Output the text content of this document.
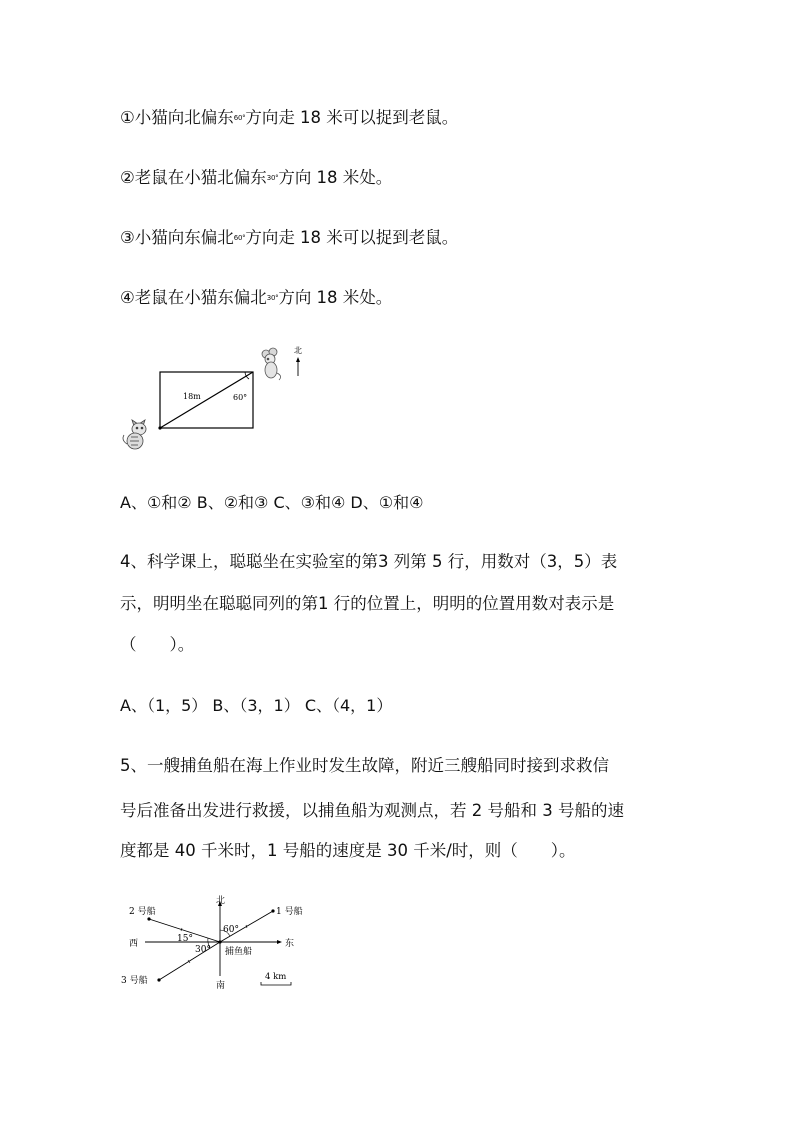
①小猫向北偏东$^{60^\circ}$方向走 18 米可以捉到老鼠。
②老鼠在小猫北偏东$^{30^\circ}$方向 18 米处。
③小猫向东偏北$^{60^\circ}$方向走 18 米可以捉到老鼠。
④老鼠在小猫东偏北$^{30^\circ}$方向 18 米处。
18m	60°
北
A、①和② B、②和③ C、③和④ D、①和④
4、科学课上，聪聪坐在实验室的第3 列第 5 行，用数对（3，5）表
示，明明坐在聪聪同列的第1 行的位置上，明明的位置用数对表示是
（　　）。
A、（1，5） B、（3，1） C、（4，1）
5、一艘捕鱼船在海上作业时发生故障，附近三艘船同时接到求救信
号后准备出发进行救援，以捕鱼船为观测点，若 2 号船和 3 号船的速
度都是 40 千米时，1 号船的速度是 30 千米/时，则（　　）。
北
南
东
西
1 号船
2 号船
3 号船
捕鱼船
60°
15°
30°
4 km
